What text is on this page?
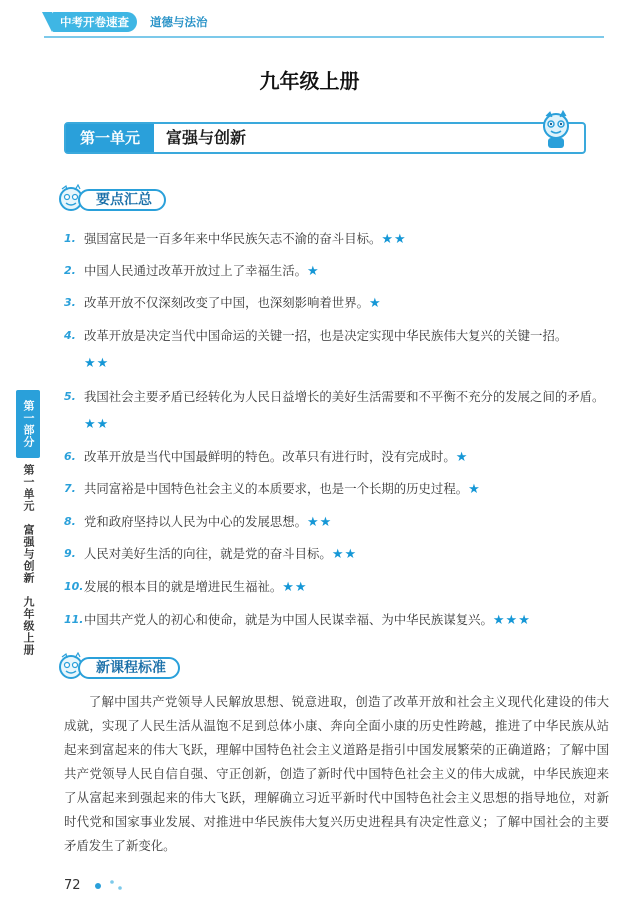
中考开卷速查	道德与法治
九年级上册
第一单元	富强与创新
要点汇总
1. 强国富民是一百多年来中华民族矢志不渝的奋斗目标。★★
2. 中国人民通过改革开放过上了幸福生活。★
3. 改革开放不仅深刻改变了中国，也深刻影响着世界。★
4. 改革开放是决定当代中国命运的关键一招，也是决定实现中华民族伟大复兴的关键一招。
★★
5. 我国社会主要矛盾已经转化为人民日益增长的美好生活需要和不平衡不充分的发展之间的矛盾。★★
6. 改革开放是当代中国最鲜明的特色。改革只有进行时，没有完成时。★
7. 共同富裕是中国特色社会主义的本质要求，也是一个长期的历史过程。★
8. 党和政府坚持以人民为中心的发展思想。★★
9. 人民对美好生活的向往，就是党的奋斗目标。★★
10. 发展的根本目的就是增进民生福祉。★★
11. 中国共产党人的初心和使命，就是为中国人民谋幸福、为中华民族谋复兴。★★★
新课程标准
了解中国共产党领导人民解放思想、锐意进取，创造了改革开放和社会主义现代化建设的伟大成就，实现了人民生活从温饱不足到总体小康、奔向全面小康的历史性跨越，推进了中华民族从站起来到富起来的伟大飞跃，理解中国特色社会主义道路是指引中国发展繁荣的正确道路；了解中国共产党领导人民自信自强、守正创新，创造了新时代中国特色社会主义的伟大成就，中华民族迎来了从富起来到强起来的伟大飞跃，理解确立习近平新时代中国特色社会主义思想的指导地位，对新时代党和国家事业发展、对推进中华民族伟大复兴历史进程具有决定性意义；了解中国社会的主要矛盾发生了新变化。
第一部分
第一单元　富强与创新　九年级上册
72
